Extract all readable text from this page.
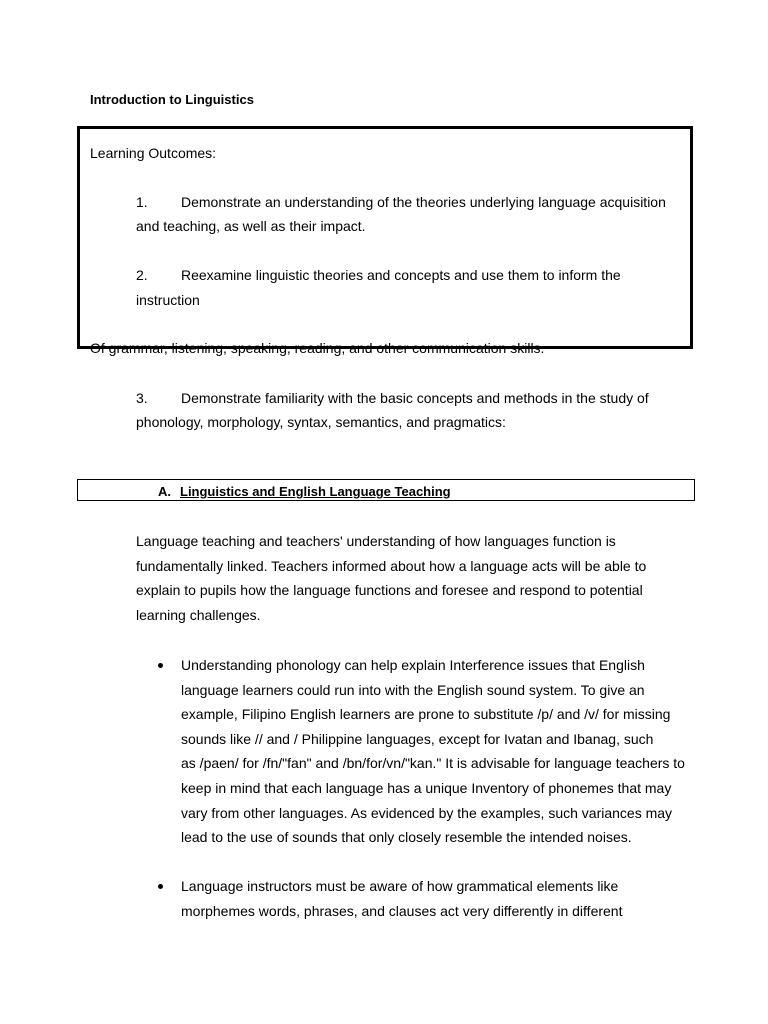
Introduction to Linguistics
Learning Outcomes:
1. Demonstrate an understanding of the theories underlying language acquisition
and teaching, as well as their impact.
2. Reexamine linguistic theories and concepts and use them to inform the
instruction
Of grammar, listening, speaking, reading, and other communication skills.
3. Demonstrate familiarity with the basic concepts and methods in the study of
phonology, morphology, syntax, semantics, and pragmatics:
A. Linguistics and English Language Teaching
Language teaching and teachers' understanding of how languages function is
fundamentally linked. Teachers informed about how a language acts will be able to
explain to pupils how the language functions and foresee and respond to potential
learning challenges.
Understanding phonology can help explain Interference issues that English
language learners could run into with the English sound system. To give an
example, Filipino English learners are prone to substitute /p/ and /v/ for missing
sounds like // and / Philippine languages, except for Ivatan and Ibanag, such
as /paen/ for /fn/"fan" and /bn/for/vn/"kan." It is advisable for language teachers to
keep in mind that each language has a unique Inventory of phonemes that may
vary from other languages. As evidenced by the examples, such variances may
lead to the use of sounds that only closely resemble the intended noises.
Language instructors must be aware of how grammatical elements like
morphemes words, phrases, and clauses act very differently in different
